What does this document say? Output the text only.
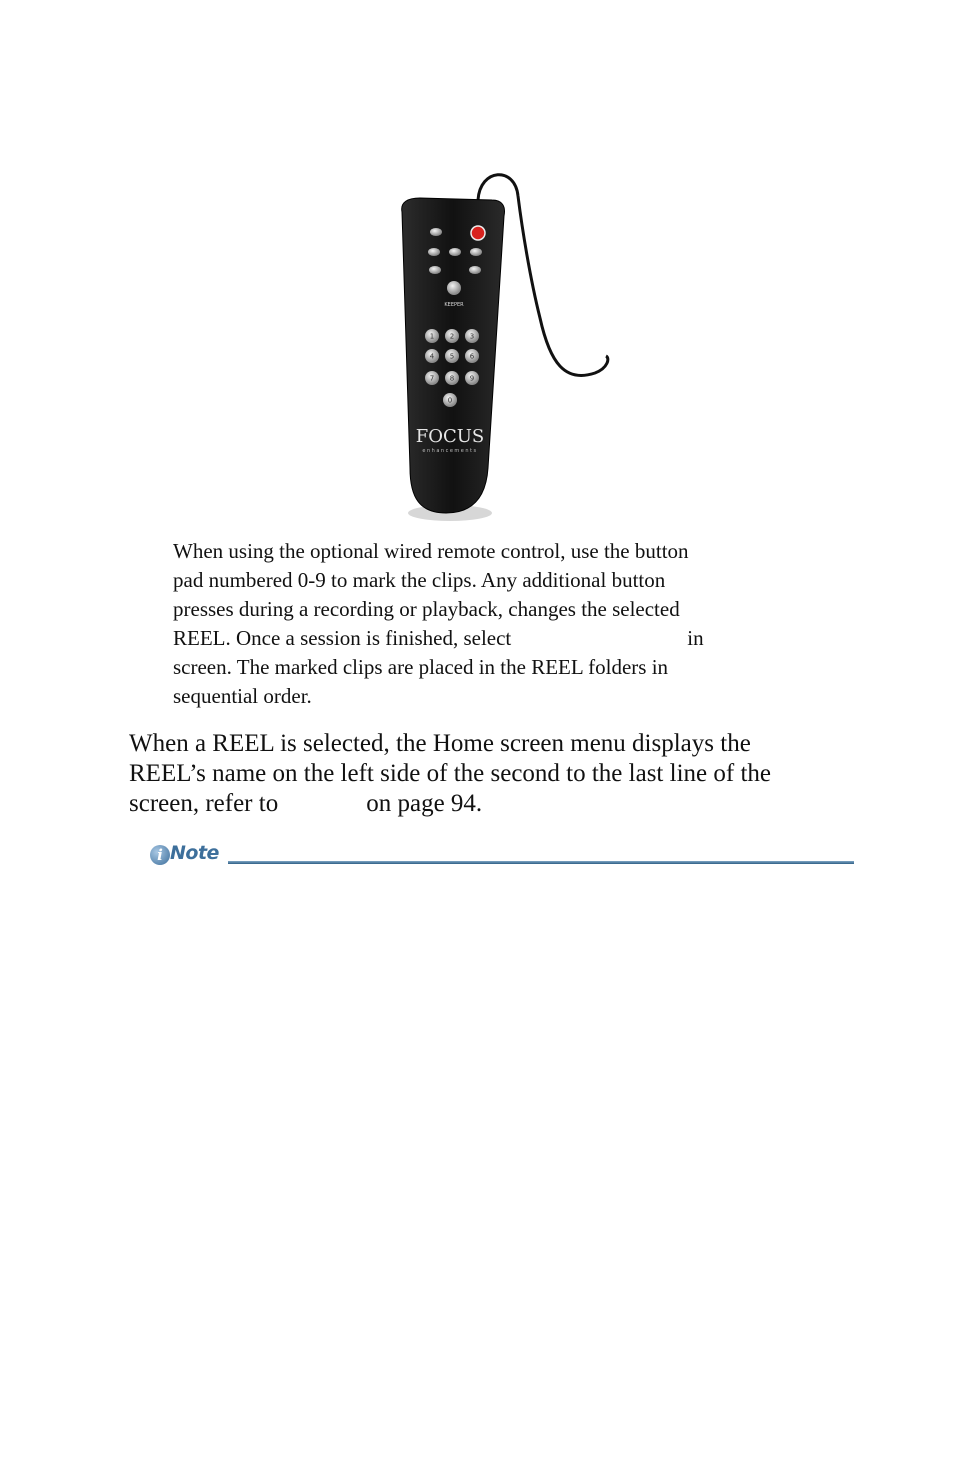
KEEPER
1 2 3
4 5 6
7 8 9
0
FOCUS
enhancements

When using the optional wired remote control, use the button
pad numbered 0-9 to mark the clips. Any additional button
presses during a recording or playback, changes the selected
REEL. Once a session is finished, select	in
screen. The marked clips are placed in the REEL folders in
sequential order.

When a REEL is selected, the Home screen menu displays the
REEL’s name on the left side of the second to the last line of the
screen, refer to	on page 94.

i Note
